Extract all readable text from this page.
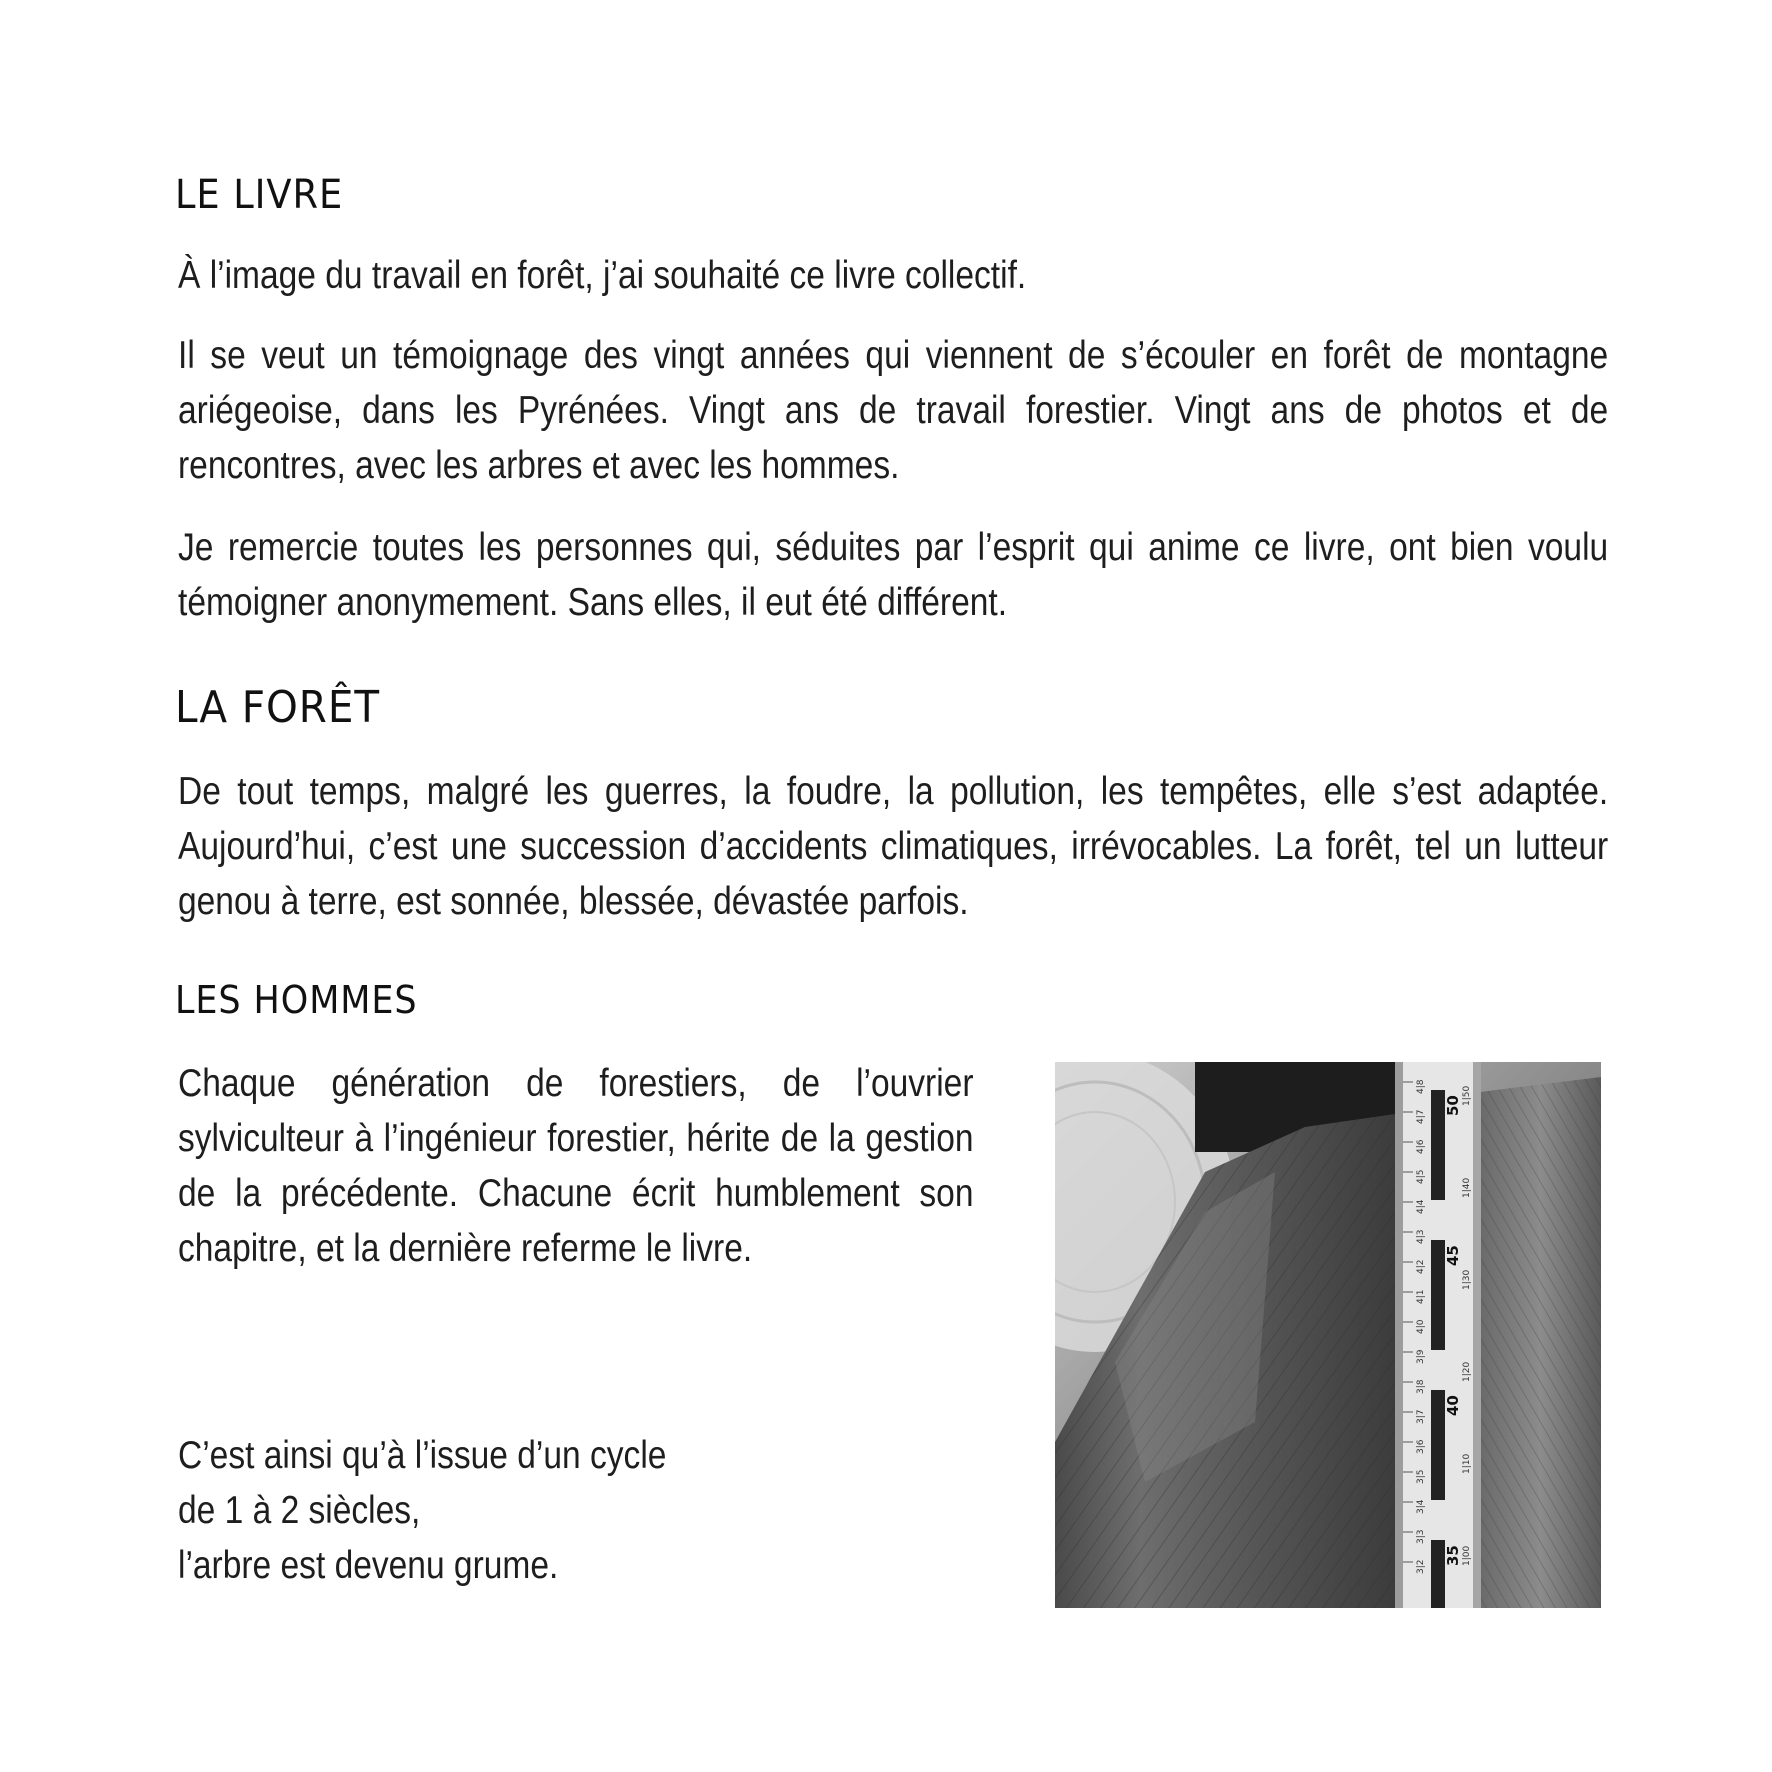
LE LIVRE

À l’image du travail en forêt, j’ai souhaité ce livre collectif.

Il se veut un témoignage des vingt années qui viennent de s’écouler en forêt de montagne ariégeoise, dans les Pyrénées. Vingt ans de travail forestier. Vingt ans de photos et de rencontres, avec les arbres et avec les hommes.

Je remercie toutes les personnes qui, séduites par l’esprit qui anime ce livre, ont bien voulu témoigner anonymement. Sans elles, il eut été différent.

LA FORÊT

De tout temps, malgré les guerres, la foudre, la pollution, les tempêtes, elle s’est adaptée. Aujourd’hui, c’est une succession d’accidents climatiques, irrévocables. La forêt, tel un lutteur genou à terre, est sonnée, blessée, dévastée parfois.

LES HOMMES

Chaque génération de forestiers, de l’ouvrier sylviculteur à l’ingénieur forestier, hérite de la gestion de la précédente. Chacune écrit humblement son chapitre, et la dernière referme le livre.

C’est ainsi qu’à l’issue d’un cycle
de 1 à 2 siècles,
l’arbre est devenu grume.

4|8
4|7
4|6
4|5
4|4
4|3
4|2
4|1
4|0
3|9
3|8
3|7
3|6
3|5
3|4
3|3
3|2
50
45
40
35
1|50
1|40
1|30
1|20
1|10
1|00
